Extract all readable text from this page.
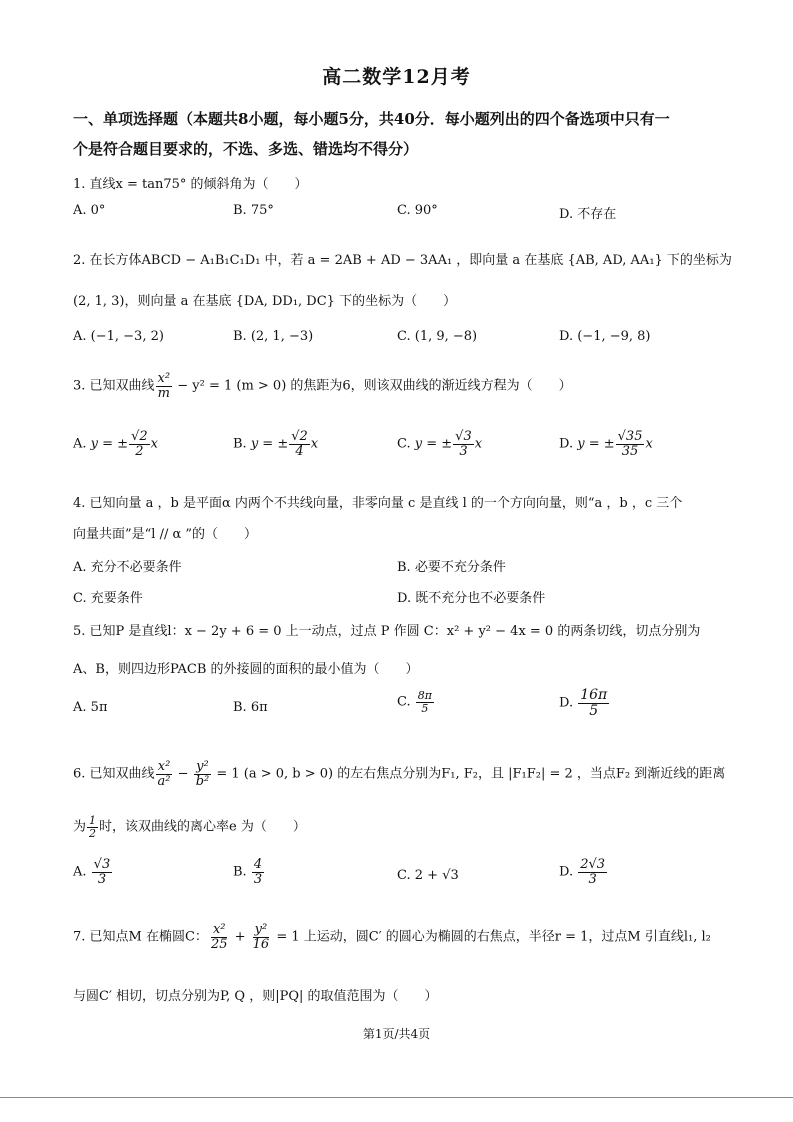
高二数学12月考
一、单项选择题（本题共8小题，每小题5分，共40分．每小题列出的四个备选项中只有一
个是符合题目要求的，不选、多选、错选均不得分）
1. 直线x = tan75° 的倾斜角为（　　）
A. 0°	B. 75°	C. 90°	D. 不存在
2. 在长方体ABCD − A₁B₁C₁D₁ 中，若 a = 2AB + AD − 3AA₁ ，即向量 a 在基底 {AB, AD, AA₁} 下的坐标为
(2, 1, 3)，则向量 a 在基底 {DA, DD₁, DC} 下的坐标为（　　）
A. (−1, −3, 2)	B. (2, 1, −3)	C. (1, 9, −8)	D. (−1, −9, 8)
3. 已知双曲线 $\frac{\text{x²}}{m} - y^2 = 1$ (m > 0) 的焦距为6，则该双曲线的渐近线方程为（　　）
A. y = ± $\frac{√2}{2}$ x	B. y = ± $\frac{√2}{4}$ x	C. y = ± $\frac{√3}{3}$ x	D. y = ± $\frac{√35}{35}$ x
4. 已知向量 a ，b 是平面α 内两个不共线向量，非零向量 c 是直线 l 的一个方向向量，则“a ，b ，c 三个
向量共面”是“l // α ”的（　　）
A. 充分不必要条件	B. 必要不充分条件
C. 充要条件	D. 既不充分也不必要条件
5. 已知P 是直线l：x − 2y + 6 = 0 上一动点，过点 P 作圆 C：x² + y² − 4x = 0 的两条切线，切点分别为
A、B，则四边形PACB 的外接圆的面积的最小值为（　　）
A. 5π	B. 6π	C. $\frac{8\pi}{5}$	D. $\frac{16\pi}{5}$
6. 已知双曲线 $\frac{\text{x²}}{\text{a²}} - \frac{\text{y²}}{\text{b²}} = 1$ (a > 0, b > 0) 的左右焦点分别为F₁, F₂，且 |F₁F₂| = 2 ，当点F₂ 到渐近线的距离
为 $\frac{1}{2}$ 时，该双曲线的离心率e 为（　　）
A. $\frac{√3}{3}$	B. $\frac{4}{3}$	C. 2 + √3	D. $\frac{2√3}{3}$
7. 已知点M 在椭圆C： $\frac{\text{x²}}{25} + \frac{\text{y²}}{16} = 1$ 上运动，圆C′ 的圆心为椭圆的右焦点，半径r = 1，过点M 引直线l₁, l₂
与圆C′ 相切，切点分别为P, Q ，则|PQ| 的取值范围为（　　）
第1页/共4页
